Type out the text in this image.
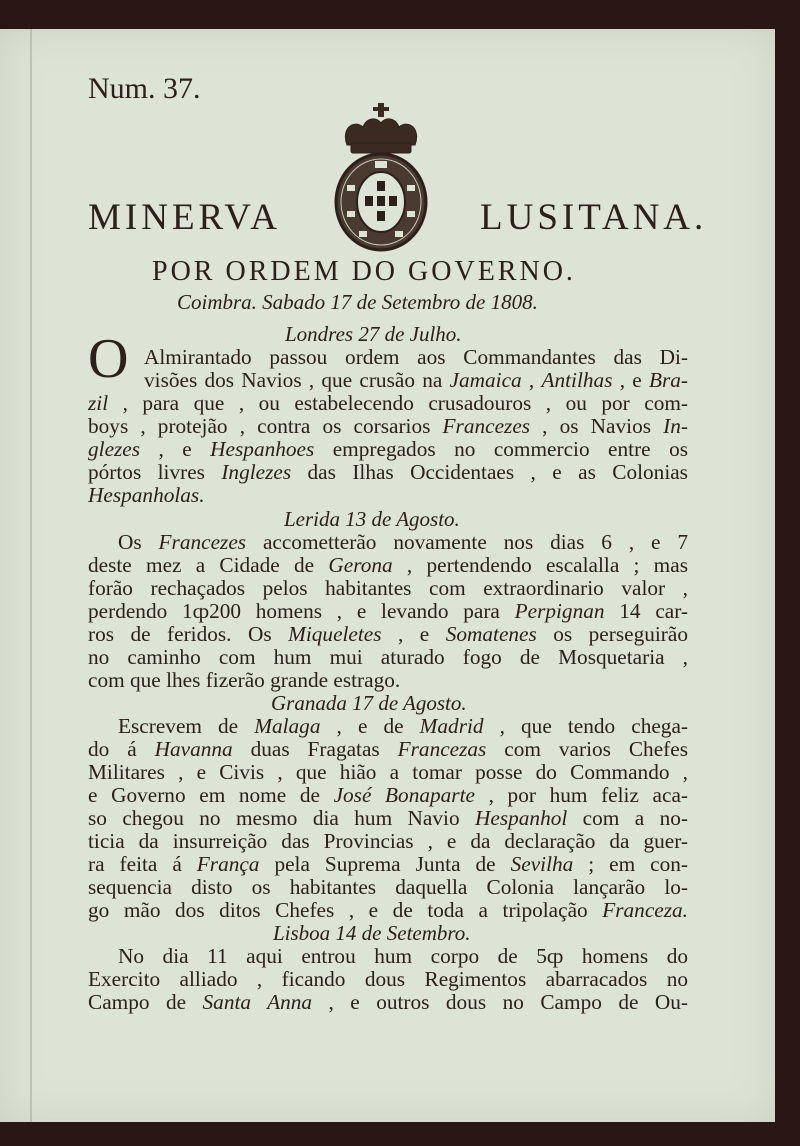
Num. 37.
MINERVA	LUSITANA.
POR ORDEM DO GOVERNO.
Coimbra. Sabado 17 de Setembro de 1808.
Londres 27 de Julho.
O Almirantado passou ordem aos Commandantes das Di-
visões dos Navios , que crusão na Jamaica , Antilhas , e Bra-
zil , para que , ou estabelecendo crusadouros , ou por com-
boys , protejão , contra os corsarios Francezes , os Navios In-
glezes , e Hespanhoes empregados no commercio entre os
pórtos livres Inglezes das Ilhas Occidentaes , e as Colonias
Hespanholas.
Lerida 13 de Agosto.
Os Francezes accometterão novamente nos dias 6 , e 7
deste mez a Cidade de Gerona , pertendendo escalalla ; mas
forão rechaçados pelos habitantes com extraordinario valor ,
perdendo 1ȹ200 homens , e levando para Perpignan 14 car-
ros de feridos. Os Miqueletes , e Somatenes os perseguirão
no caminho com hum mui aturado fogo de Mosquetaria ,
com que lhes fizerão grande estrago.
Granada 17 de Agosto.
Escrevem de Malaga , e de Madrid , que tendo chega-
do á Havanna duas Fragatas Francezas com varios Chefes
Militares , e Civis , que hião a tomar posse do Commando ,
e Governo em nome de José Bonaparte , por hum feliz aca-
so chegou no mesmo dia hum Navio Hespanhol com a no-
ticia da insurreição das Provincias , e da declaração da guer-
ra feita á França pela Suprema Junta de Sevilha ; em con-
sequencia disto os habitantes daquella Colonia lançarão lo-
go mão dos ditos Chefes , e de toda a tripolação Franceza.
Lisboa 14 de Setembro.
No dia 11 aqui entrou hum corpo de 5ȹ homens do
Exercito alliado , ficando dous Regimentos abarracados no
Campo de Santa Anna , e outros dous no Campo de Ou-
